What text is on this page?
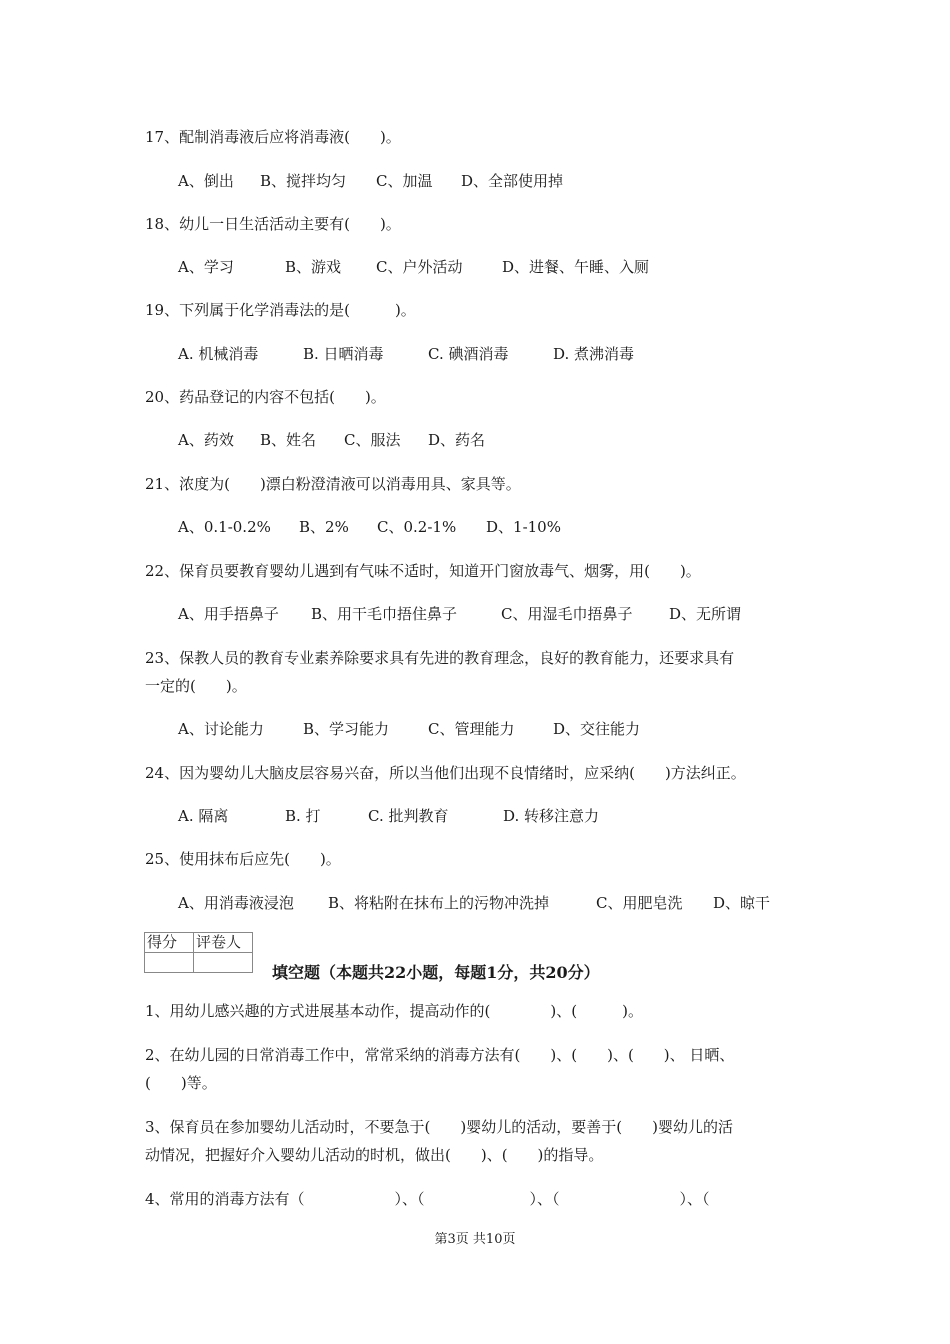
17、配制消毒液后应将消毒液(　　)。
A、倒出 B、搅拌均匀 C、加温 D、全部使用掉
18、幼儿一日生活活动主要有(　　)。
A、学习	B、游戏 C、户外活动	D、进餐、午睡、入厕
19、下列属于化学消毒法的是(　　　)。
A. 机械消毒	B. 日晒消毒	C. 碘酒消毒	D. 煮沸消毒
20、药品登记的内容不包括(　　)。
A、药效 B、姓名 C、服法 D、药名
21、浓度为(　　)漂白粉澄清液可以消毒用具、家具等。
A、0.1-0.2% B、2% C、0.2-1% D、1-10%
22、保育员要教育婴幼儿遇到有气味不适时，知道开门窗放毒气、烟雾，用(　　)。
A、用手捂鼻子 B、用干毛巾捂住鼻子	C、用湿毛巾捂鼻子 D、无所谓
23、保教人员的教育专业素养除要求具有先进的教育理念，良好的教育能力，还要求具有
一定的(　　)。
A、讨论能力	B、学习能力	C、管理能力	D、交往能力
24、因为婴幼儿大脑皮层容易兴奋，所以当他们出现不良情绪时，应采纳(　　)方法纠正。
A. 隔离	B. 打	C. 批判教育	D. 转移注意力
25、使用抹布后应先(　　)。
A、用消毒液浸泡 B、将粘附在抹布上的污物冲洗掉	C、用肥皂洗 D、晾干
得分	评卷人

填空题（本题共22小题，每题1分，共20分）
1、用幼儿感兴趣的方式进展基本动作，提高动作的(　　　　)、(　　　)。
2、在幼儿园的日常消毒工作中，常常采纳的消毒方法有(　　)、(　　)、(　　)、 日晒、
(　　)等。
3、保育员在参加婴幼儿活动时，不要急于(　　)婴幼儿的活动，要善于(　　)婴幼儿的活
动情况，把握好介入婴幼儿活动的时机，做出(　　)、(　　)的指导。
4、常用的消毒方法有（　　　　　　）、（　　　　　　　）、（　　　　　　　　）、（
第3页 共10页
